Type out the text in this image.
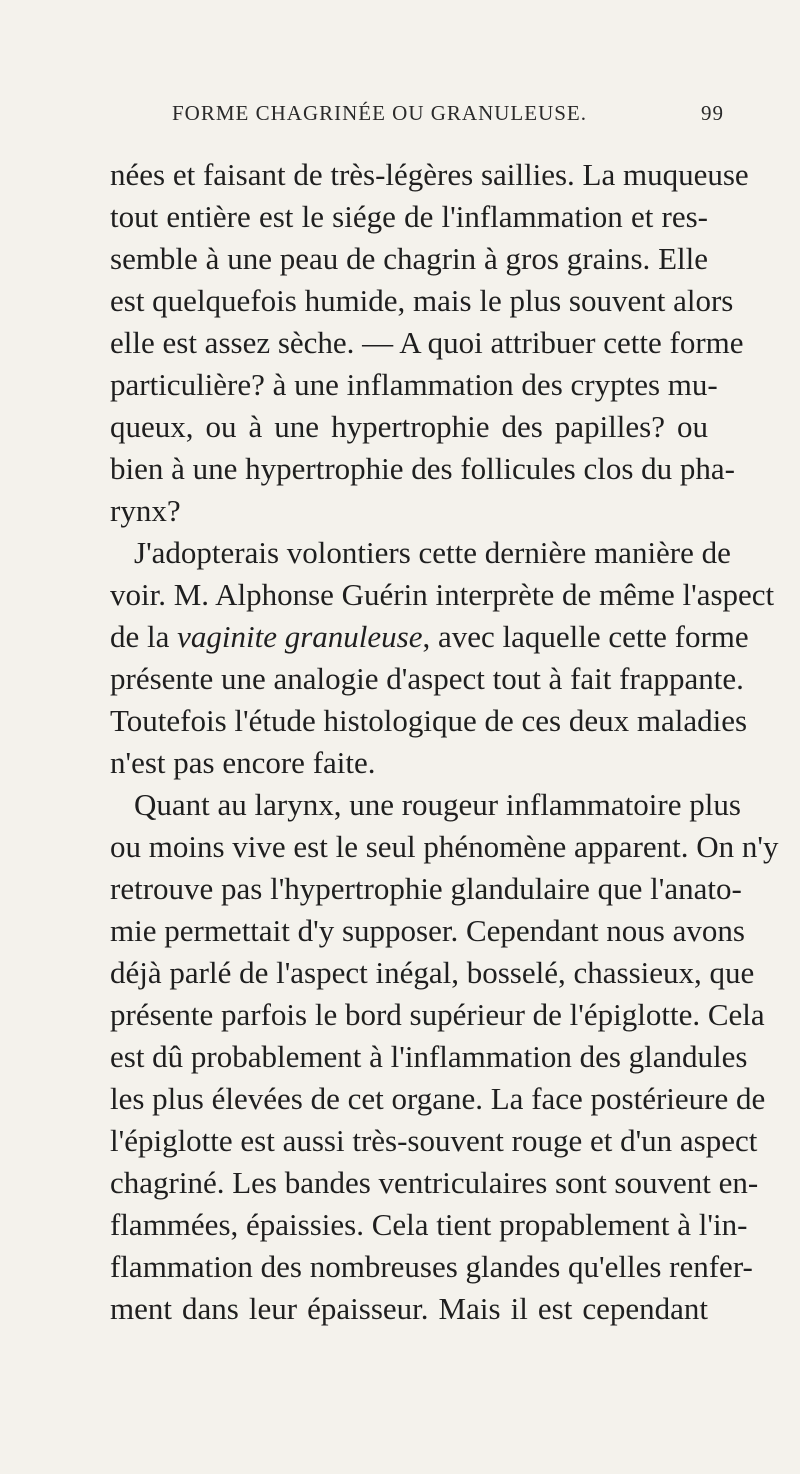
FORME CHAGRINÉE OU GRANULEUSE.	99
nées et faisant de très-légères saillies. La muqueuse
tout entière est le siége de l'inflammation et res-
semble à une peau de chagrin à gros grains. Elle
est quelquefois humide, mais le plus souvent alors
elle est assez sèche. — A quoi attribuer cette forme
particulière? à une inflammation des cryptes mu-
queux, ou à une hypertrophie des papilles? ou
bien à une hypertrophie des follicules clos du pha-
rynx?
J'adopterais volontiers cette dernière manière de
voir. M. Alphonse Guérin interprète de même l'aspect
de la vaginite granuleuse, avec laquelle cette forme
présente une analogie d'aspect tout à fait frappante.
Toutefois l'étude histologique de ces deux maladies
n'est pas encore faite.
Quant au larynx, une rougeur inflammatoire plus
ou moins vive est le seul phénomène apparent. On n'y
retrouve pas l'hypertrophie glandulaire que l'anato-
mie permettait d'y supposer. Cependant nous avons
déjà parlé de l'aspect inégal, bosselé, chassieux, que
présente parfois le bord supérieur de l'épiglotte. Cela
est dû probablement à l'inflammation des glandules
les plus élevées de cet organe. La face postérieure de
l'épiglotte est aussi très-souvent rouge et d'un aspect
chagriné. Les bandes ventriculaires sont souvent en-
flammées, épaissies. Cela tient propablement à l'in-
flammation des nombreuses glandes qu'elles renfer-
ment dans leur épaisseur. Mais il est cependant
